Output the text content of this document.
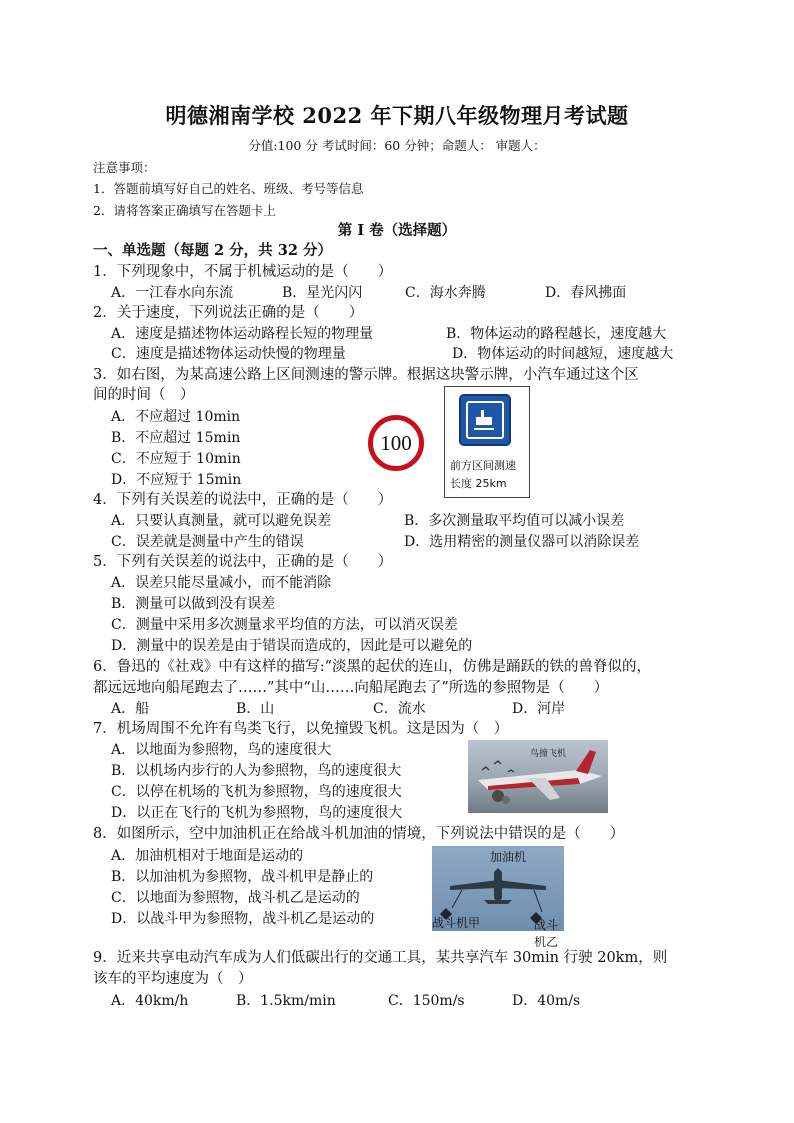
明德湘南学校 2022 年下期八年级物理月考试题
分值:100 分 考试时间：60 分钟；命题人： 审题人：
注意事项：
1．答题前填写好自己的姓名、班级、考号等信息
2．请将答案正确填写在答题卡上
第 I 卷（选择题）
一、单选题（每题 2 分，共 32 分）
1．下列现象中，不属于机械运动的是（　　）
A．一江春水向东流	B．星光闪闪	C．海水奔腾	D．春风拂面
2．关于速度，下列说法正确的是（　　）
A．速度是描述物体运动路程长短的物理量	B．物体运动的路程越长，速度越大
C．速度是描述物体运动快慢的物理量	D．物体运动的时间越短，速度越大
3．如右图，为某高速公路上区间测速的警示牌。根据这块警示牌，小汽车通过这个区
间的时间（　）
A．不应超过 10min
B．不应超过 15min
C．不应短于 10min
D．不应短于 15min
100
前方区间测速
长度 25km
4．下列有关误差的说法中，正确的是（　　）
A．只要认真测量，就可以避免误差	B．多次测量取平均值可以减小误差
C．误差就是测量中产生的错误	D．选用精密的测量仪器可以消除误差
5．下列有关误差的说法中，正确的是（　　）
A．误差只能尽量减小，而不能消除
B．测量可以做到没有误差
C．测量中采用多次测量求平均值的方法，可以消灭误差
D．测量中的误差是由于错误而造成的，因此是可以避免的
6．鲁迅的《社戏》中有这样的描写:“淡黑的起伏的连山，仿佛是踊跃的铁的兽脊似的，
都远远地向船尾跑去了……”其中“山……向船尾跑去了”所选的参照物是（　　）
A．船	B．山	C．流水	D．河岸
7．机场周围不允许有鸟类飞行，以免撞毁飞机。这是因为（　）
A．以地面为参照物，鸟的速度很大
B．以机场内步行的人为参照物，鸟的速度很大
C．以停在机场的飞机为参照物，鸟的速度很大
D．以正在飞行的飞机为参照物，鸟的速度很大
鸟撞飞机
8．如图所示，空中加油机正在给战斗机加油的情境，下列说法中错误的是（　　）
A．加油机相对于地面是运动的
B．以加油机为参照物，战斗机甲是静止的
C．以地面为参照物，战斗机乙是运动的
D．以战斗甲为参照物，战斗机乙是运动的
加油机
战斗机甲	战斗机乙
9．近来共享电动汽车成为人们低碳出行的交通工具，某共享汽车 30min 行驶 20km，则
该车的平均速度为（　）
A．40km/h	B．1.5km/min	C．150m/s	D．40m/s
